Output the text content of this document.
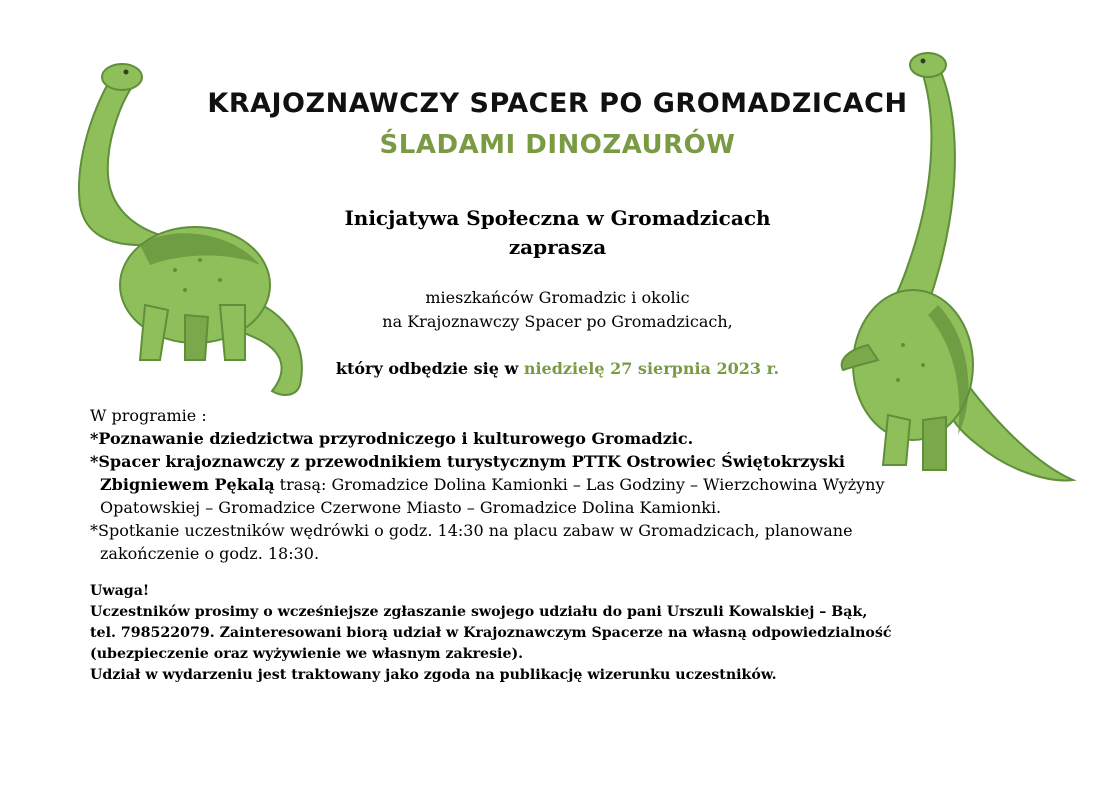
KRAJOZNAWCZY SPACER PO GROMADZICACH
ŚLADAMI DINOZAURÓW
Inicjatywa Społeczna w Gromadzicach
zaprasza
mieszkańców Gromadzic i okolic
na Krajoznawczy Spacer po Gromadzicach,
który odbędzie się w niedzielę 27 sierpnia 2023 r.
W programie :
*Poznawanie dziedzictwa przyrodniczego i kulturowego Gromadzic.
*Spacer krajoznawczy z przewodnikiem turystycznym PTTK Ostrowiec Świętokrzyski
Zbigniewem Pękalą trasą: Gromadzice Dolina Kamionki – Las Godziny – Wierzchowina Wyżyny
Opatowskiej – Gromadzice Czerwone Miasto – Gromadzice Dolina Kamionki.
*Spotkanie uczestników wędrówki o godz. 14:30 na placu zabaw w Gromadzicach, planowane
zakończenie o godz. 18:30.
Uwaga!
Uczestników prosimy o wcześniejsze zgłaszanie swojego udziału do pani Urszuli Kowalskiej – Bąk,
tel. 798522079. Zainteresowani biorą udział w Krajoznawczym Spacerze na własną odpowiedzialność
(ubezpieczenie oraz wyżywienie we własnym zakresie).
Udział w wydarzeniu jest traktowany jako zgoda na publikację wizerunku uczestników.
